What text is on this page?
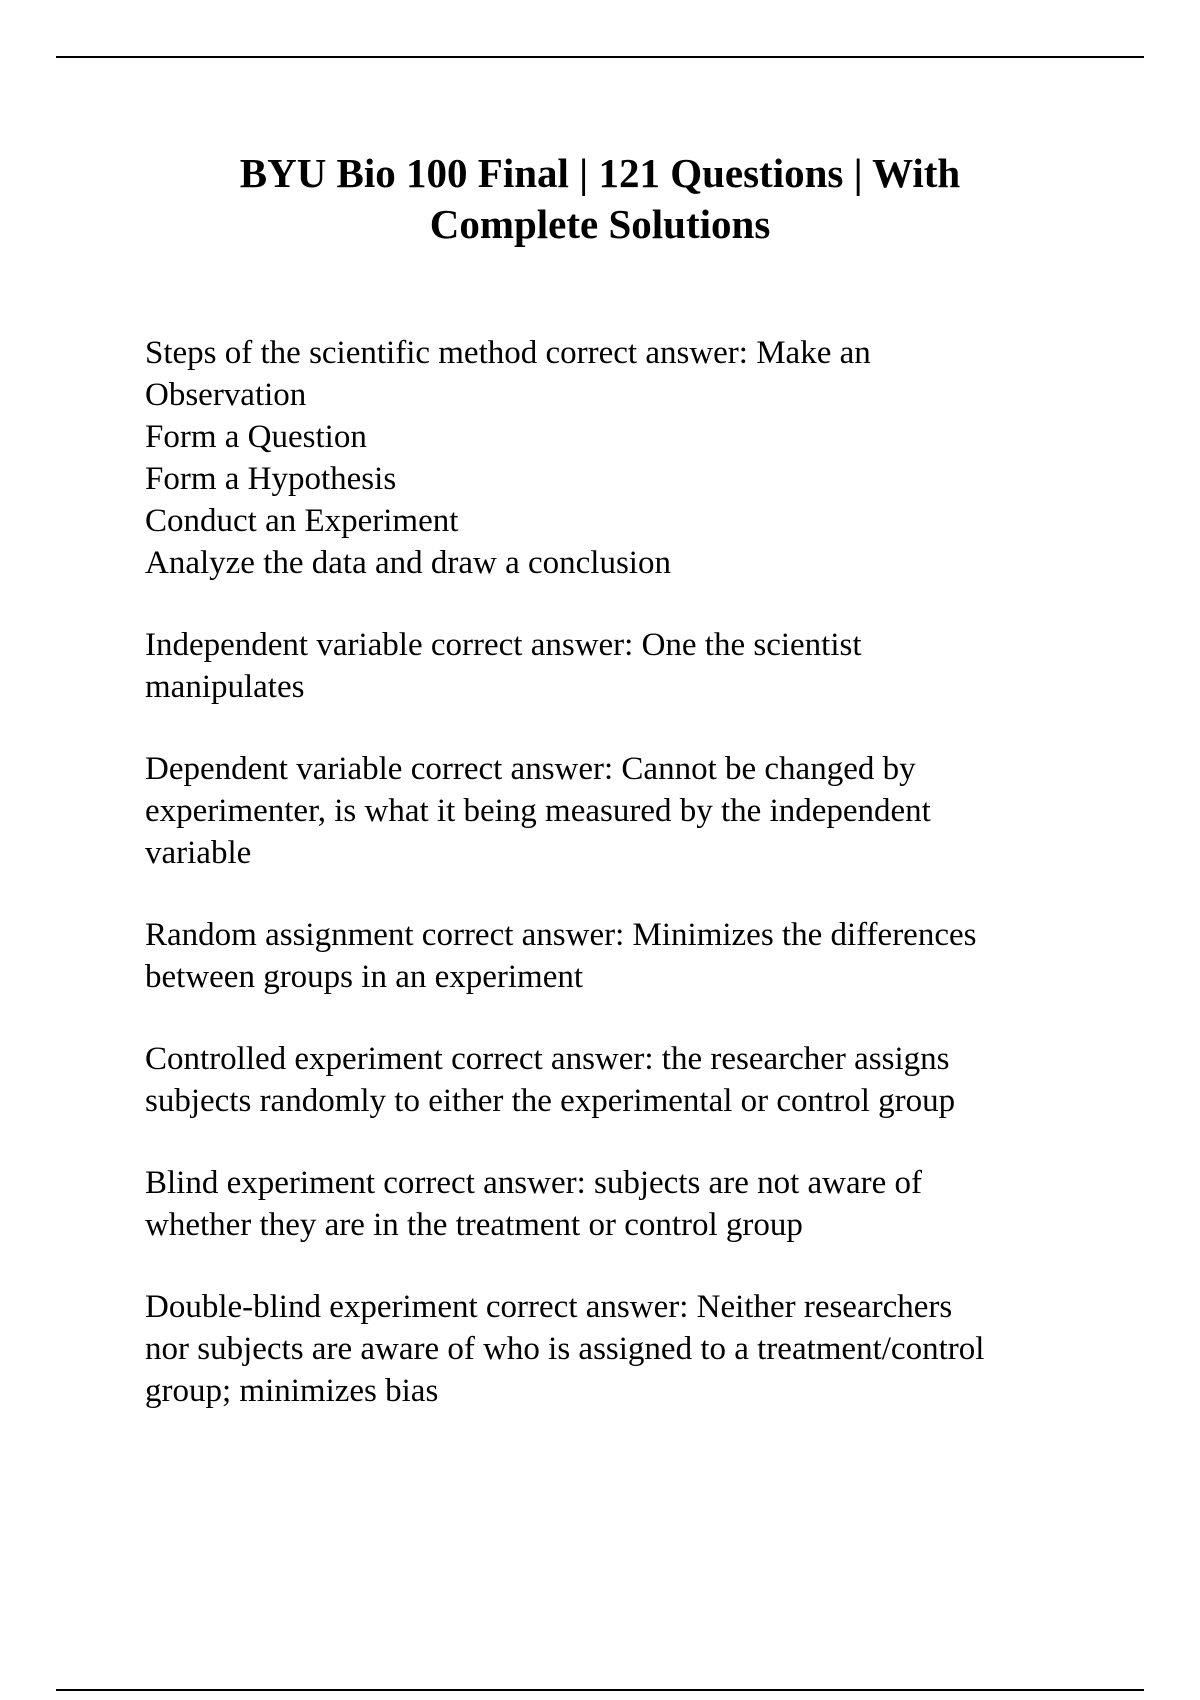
BYU Bio 100 Final | 121 Questions | With
Complete Solutions

Steps of the scientific method correct answer: Make an
Observation
Form a Question
Form a Hypothesis
Conduct an Experiment
Analyze the data and draw a conclusion

Independent variable correct answer: One the scientist
manipulates

Dependent variable correct answer: Cannot be changed by
experimenter, is what it being measured by the independent
variable

Random assignment correct answer: Minimizes the differences
between groups in an experiment

Controlled experiment correct answer: the researcher assigns
subjects randomly to either the experimental or control group

Blind experiment correct answer: subjects are not aware of
whether they are in the treatment or control group

Double-blind experiment correct answer: Neither researchers
nor subjects are aware of who is assigned to a treatment/control
group; minimizes bias
